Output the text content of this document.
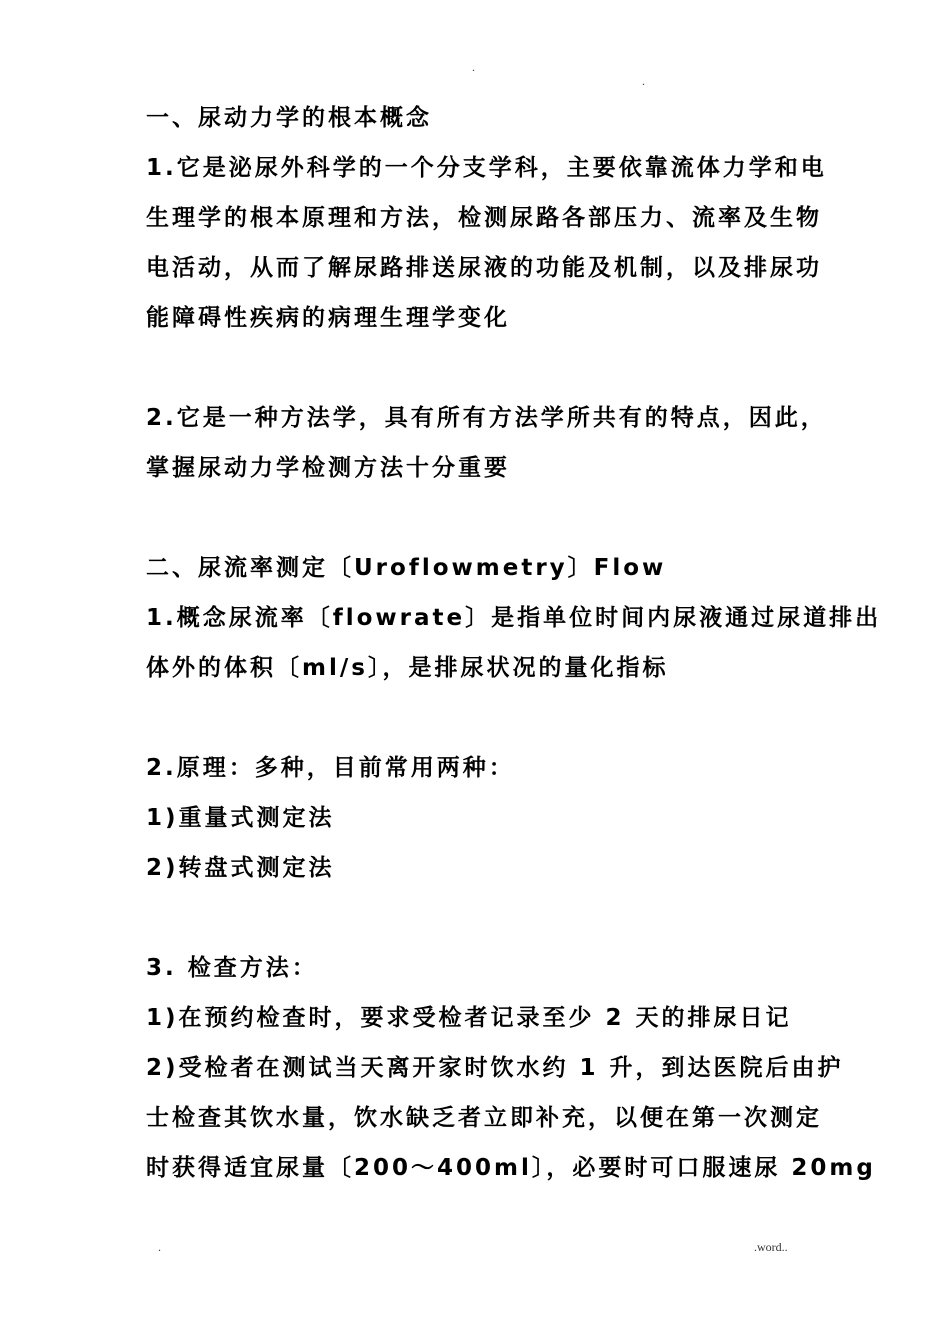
.
.
一、尿动力学的根本概念
1.它是泌尿外科学的一个分支学科，主要依靠流体力学和电
生理学的根本原理和方法，检测尿路各部压力、流率及生物
电活动，从而了解尿路排送尿液的功能及机制，以及排尿功
能障碍性疾病的病理生理学变化
2.它是一种方法学，具有所有方法学所共有的特点，因此，
掌握尿动力学检测方法十分重要
二、尿流率测定〔Uroflowmetry〕Flow
1.概念尿流率〔flowrate〕是指单位时间内尿液通过尿道排出
体外的体积〔ml/s〕，是排尿状况的量化指标
2.原理：多种，目前常用两种：
1)重量式测定法
2)转盘式测定法
3. 检查方法：
1)在预约检查时，要求受检者记录至少 2 天的排尿日记
2)受检者在测试当天离开家时饮水约 1 升，到达医院后由护
士检查其饮水量，饮水缺乏者立即补充，以便在第一次测定
时获得适宜尿量〔200～400ml〕，必要时可口服速尿 20mg
.	.word..
